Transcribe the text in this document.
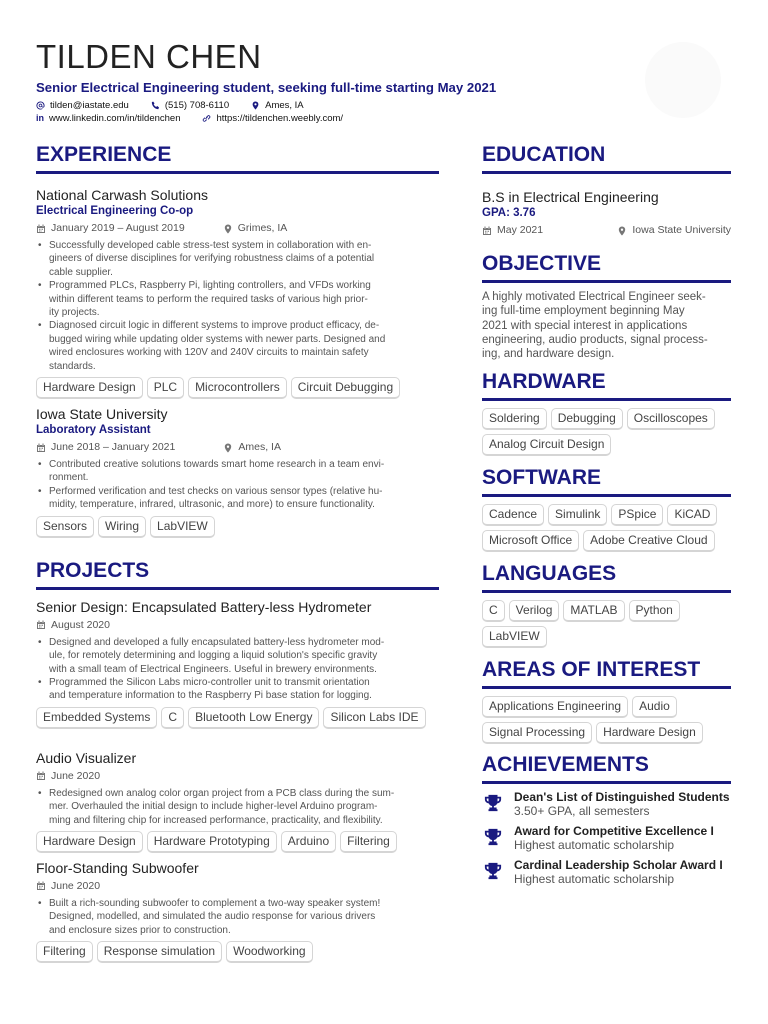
TILDEN CHEN
Senior Electrical Engineering student, seeking full-time starting May 2021
tilden@iastate.edu	(515) 708-6110	Ames, IA
in www.linkedin.com/in/tildenchen	https://tildenchen.weebly.com/
EXPERIENCE
National Carwash Solutions
Electrical Engineering Co-op
January 2019 – August 2019	Grimes, IA
• Successfully developed cable stress-test system in collaboration with en-
gineers of diverse disciplines for verifying robustness claims of a potential
cable supplier.
• Programmed PLCs, Raspberry Pi, lighting controllers, and VFDs working
within different teams to perform the required tasks of various high prior-
ity projects.
• Diagnosed circuit logic in different systems to improve product efficacy, de-
bugged wiring while updating older systems with newer parts. Designed and
wired enclosures working with 120V and 240V circuits to maintain safety
standards.
Hardware Design	PLC	Microcontrollers	Circuit Debugging
Iowa State University
Laboratory Assistant
June 2018 – January 2021	Ames, IA
• Contributed creative solutions towards smart home research in a team envi-
ronment.
• Performed verification and test checks on various sensor types (relative hu-
midity, temperature, infrared, ultrasonic, and more) to ensure functionality.
Sensors	Wiring	LabVIEW
PROJECTS
Senior Design: Encapsulated Battery-less Hydrometer
August 2020
• Designed and developed a fully encapsulated battery-less hydrometer mod-
ule, for remotely determining and logging a liquid solution's specific gravity
with a small team of Electrical Engineers. Useful in brewery environments.
• Programmed the Silicon Labs micro-controller unit to transmit orientation
and temperature information to the Raspberry Pi base station for logging.
Embedded Systems	C	Bluetooth Low Energy	Silicon Labs IDE
Audio Visualizer
June 2020
• Redesigned own analog color organ project from a PCB class during the sum-
mer. Overhauled the initial design to include higher-level Arduino program-
ming and filtering chip for increased performance, practicality, and flexibility.
Hardware Design	Hardware Prototyping	Arduino	Filtering
Floor-Standing Subwoofer
June 2020
• Built a rich-sounding subwoofer to complement a two-way speaker system!
Designed, modelled, and simulated the audio response for various drivers
and enclosure sizes prior to construction.
Filtering	Response simulation	Woodworking
EDUCATION
B.S in Electrical Engineering
GPA: 3.76
May 2021	Iowa State University
OBJECTIVE
A highly motivated Electrical Engineer seek-
ing full-time employment beginning May
2021 with special interest in applications
engineering, audio products, signal process-
ing, and hardware design.
HARDWARE
Soldering	Debugging	Oscilloscopes
Analog Circuit Design
SOFTWARE
Cadence	Simulink	PSpice	KiCAD
Microsoft Office	Adobe Creative Cloud
LANGUAGES
C	Verilog	MATLAB	Python
LabVIEW
AREAS OF INTEREST
Applications Engineering	Audio
Signal Processing	Hardware Design
ACHIEVEMENTS
Dean's List of Distinguished Students
3.50+ GPA, all semesters
Award for Competitive Excellence I
Highest automatic scholarship
Cardinal Leadership Scholar Award I
Highest automatic scholarship
